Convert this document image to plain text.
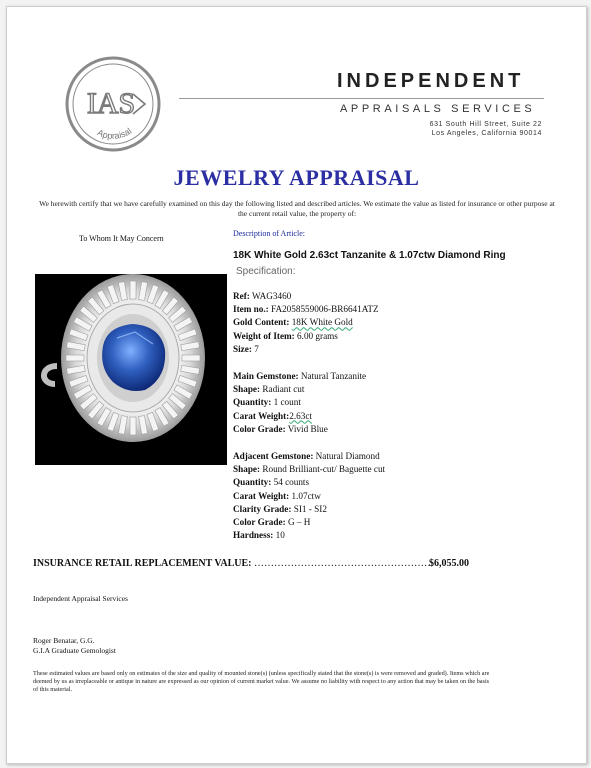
IAS
Appraisal
INDEPENDENT
APPRAISALS SERVICES
631 South Hill Street, Suite 22
Los Angeles, California 90014
JEWELRY APPRAISAL
We herewith certify that we have carefully examined on this day the following listed and described articles. We estimate the value as listed for insurance or other purpose at the current retail value, the property of:
To Whom It May Concern
Description of Article:
18K White Gold 2.63ct Tanzanite & 1.07ctw Diamond Ring
Specification:
Ref: WAG3460
Item no.: FA2058559006-BR6641ATZ
Gold Content: 18K White Gold
Weight of Item: 6.00 grams
Size: 7
Main Gemstone: Natural Tanzanite
Shape: Radiant cut
Quantity: 1 count
Carat Weight:2.63ct
Color Grade: Vivid Blue
Adjacent Gemstone: Natural Diamond
Shape: Round Brilliant-cut/ Baguette cut
Quantity: 54 counts
Carat Weight: 1.07ctw
Clarity Grade: SI1 - SI2
Color Grade: G – H
Hardness: 10
INSURANCE RETAIL REPLACEMENT VALUE: ………………………………………………
$6,055.00
Independent Appraisal Services
Roger Benatar, G.G.
G.I.A Graduate Gemologist
These estimated values are based only on estimates of the size and quality of mounted stone(s) (unless specifically stated that the stone(s) is were removed and graded). Items which are deemed by us as irreplaceable or antique in nature are expressed as our opinion of current market value. We assume no liability with respect to any action that may be taken on the basis of this material.
